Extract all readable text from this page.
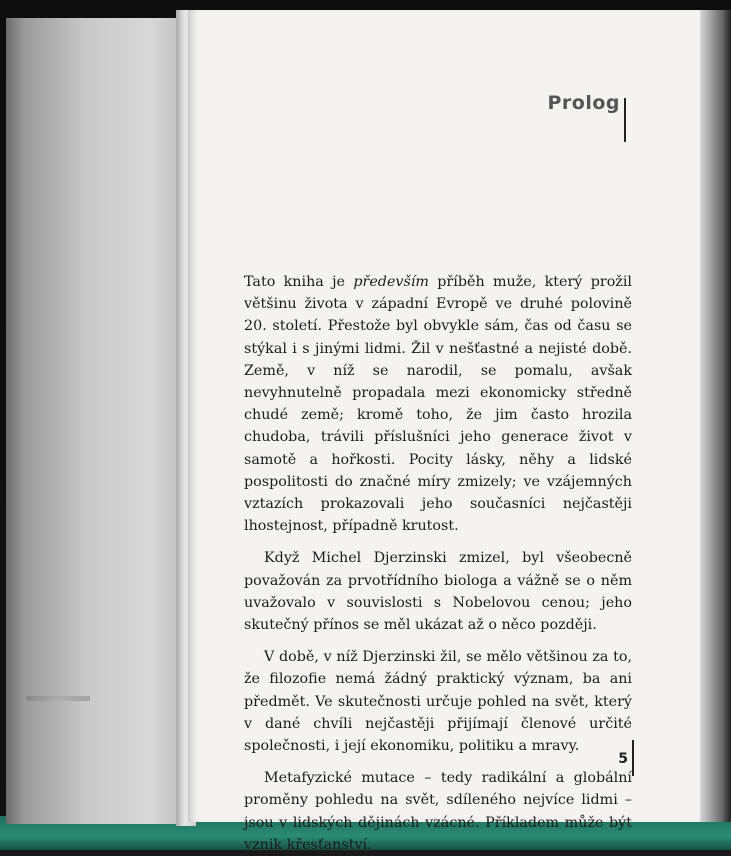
Prolog

Tato kniha je především příběh muže, který prožil většinu života v západní Evropě ve druhé polovině 20. století. Přestože byl obvykle sám, čas od času se stýkal i s jinými lidmi. Žil v nešťastné a nejisté době. Země, v níž se narodil, se pomalu, avšak nevyhnutelně propadala mezi ekonomicky středně chudé země; kromě toho, že jim často hrozila chudoba, trávili příslušníci jeho generace život v samotě a hořkosti. Pocity lásky, něhy a lidské pospolitosti do značné míry zmizely; ve vzájemných vztazích prokazovali jeho současníci nejčastěji lhostejnost, případně krutost.

Když Michel Djerzinski zmizel, byl všeobecně považován za prvotřídního biologa a vážně se o něm uvažovalo v souvislosti s Nobelovou cenou; jeho skutečný přínos se měl ukázat až o něco později.

V době, v níž Djerzinski žil, se mělo většinou za to, že filozofie nemá žádný praktický význam, ba ani předmět. Ve skutečnosti určuje pohled na svět, který v dané chvíli nejčastěji přijímají členové určité společnosti, i její ekonomiku, politiku a mravy.

Metafyzické mutace – tedy radikální a globální proměny pohledu na svět, sdíleného nejvíce lidmi – jsou v lidských dějinách vzácné. Příkladem může být vznik křesťanství.

5
